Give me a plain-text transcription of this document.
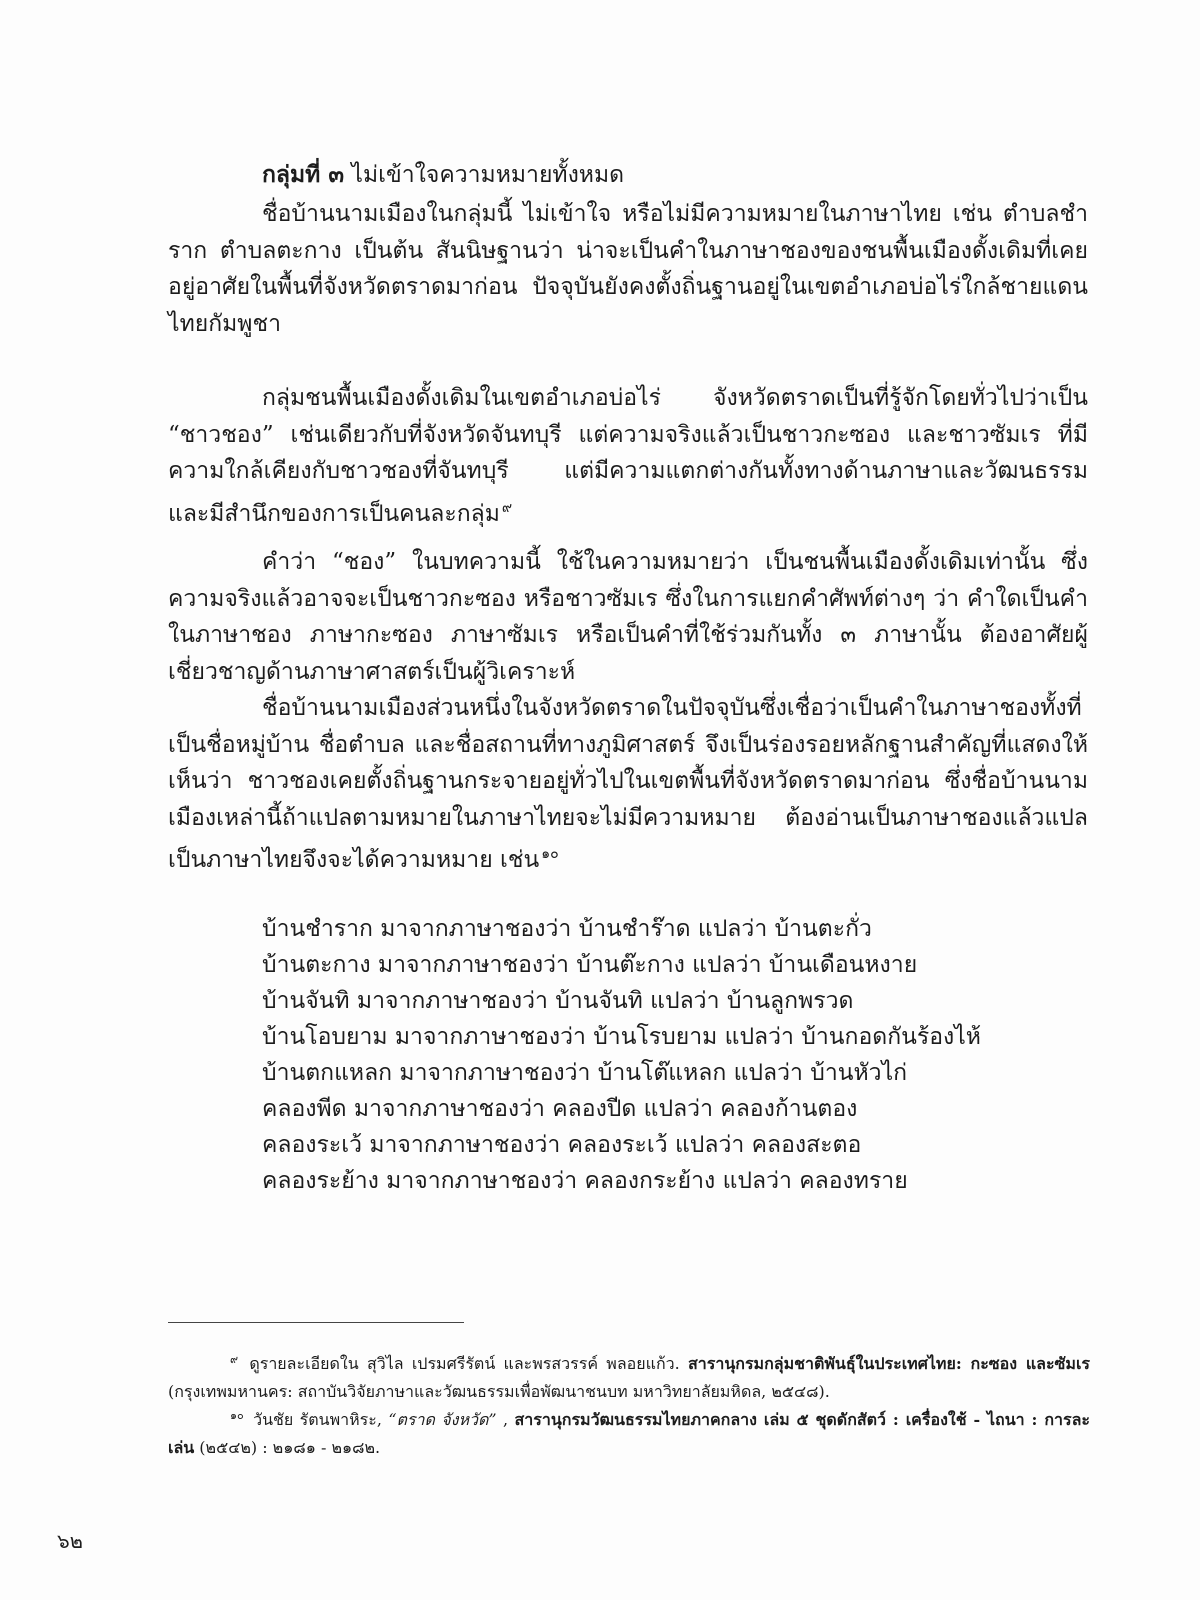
กลุ่มที่ ๓ ไม่เข้าใจความหมายทั้งหมด

ชื่อบ้านนามเมืองในกลุ่มนี้ ไม่เข้าใจ หรือไม่มีความหมายในภาษาไทย เช่น ตำบลชำราก ตำบลตะกาง เป็นต้น สันนิษฐานว่า น่าจะเป็นคำในภาษาชองของชนพื้นเมืองดั้งเดิมที่เคยอยู่อาศัยในพื้นที่จังหวัดตราดมาก่อน ปัจจุบันยังคงตั้งถิ่นฐานอยู่ในเขตอำเภอบ่อไร่ใกล้ชายแดนไทยกัมพูชา

กลุ่มชนพื้นเมืองดั้งเดิมในเขตอำเภอบ่อไร่ จังหวัดตราดเป็นที่รู้จักโดยทั่วไปว่าเป็น “ชาวชอง” เช่นเดียวกับที่จังหวัดจันทบุรี แต่ความจริงแล้วเป็นชาวกะซอง และชาวซัมเร ที่มีความใกล้เคียงกับชาวชองที่จันทบุรี แต่มีความแตกต่างกันทั้งทางด้านภาษาและวัฒนธรรม และมีสำนึกของการเป็นคนละกลุ่ม $^๙$

คำว่า “ชอง” ในบทความนี้ ใช้ในความหมายว่า เป็นชนพื้นเมืองดั้งเดิมเท่านั้น ซึ่งความจริงแล้วอาจจะเป็นชาวกะซอง หรือชาวซัมเร ซึ่งในการแยกคำศัพท์ต่างๆ ว่า คำใดเป็นคำในภาษาชอง ภาษากะซอง ภาษาซัมเร หรือเป็นคำที่ใช้ร่วมกันทั้ง ๓ ภาษานั้น ต้องอาศัยผู้เชี่ยวชาญด้านภาษาศาสตร์เป็นผู้วิเคราะห์

ชื่อบ้านนามเมืองส่วนหนึ่งในจังหวัดตราดในปัจจุบันซึ่งเชื่อว่าเป็นคำในภาษาชองทั้งที่เป็นชื่อหมู่บ้าน ชื่อตำบล และชื่อสถานที่ทางภูมิศาสตร์ จึงเป็นร่องรอยหลักฐานสำคัญที่แสดงให้เห็นว่า ชาวชองเคยตั้งถิ่นฐานกระจายอยู่ทั่วไปในเขตพื้นที่จังหวัดตราดมาก่อน ซึ่งชื่อบ้านนามเมืองเหล่านี้ถ้าแปลตามหมายในภาษาไทยจะไม่มีความหมาย ต้องอ่านเป็นภาษาชองแล้วแปลเป็นภาษาไทยจึงจะได้ความหมาย เช่น $^{๑๐}$

บ้านชำราก มาจากภาษาชองว่า บ้านชำร๊าด แปลว่า บ้านตะกั่ว
บ้านตะกาง มาจากภาษาชองว่า บ้านต๊ะกาง แปลว่า บ้านเดือนหงาย
บ้านจันทิ มาจากภาษาชองว่า บ้านจันทิ แปลว่า บ้านลูกพรวด
บ้านโอบยาม มาจากภาษาชองว่า บ้านโรบยาม แปลว่า บ้านกอดกันร้องไห้
บ้านตกแหลก มาจากภาษาชองว่า บ้านโต๊แหลก แปลว่า บ้านหัวไก่
คลองพีด มาจากภาษาชองว่า คลองปีด แปลว่า คลองก้านตอง
คลองระเว้ มาจากภาษาชองว่า คลองระเว้ แปลว่า คลองสะตอ
คลองระย้าง มาจากภาษาชองว่า คลองกระย้าง แปลว่า คลองทราย

$^๙$ ดูรายละเอียดใน สุวิไล เปรมศรีรัตน์ และพรสวรรค์ พลอยแก้ว. สารานุกรมกลุ่มชาติพันธุ์ในประเทศไทย: กะซอง และซัมเร (กรุงเทพมหานคร: สถาบันวิจัยภาษาและวัฒนธรรมเพื่อพัฒนาชนบท มหาวิทยาลัยมหิดล, ๒๕๔๘).

$^{๑๐}$ วันชัย รัตนพาหิระ, “ตราด จังหวัด” , สารานุกรมวัฒนธรรมไทยภาคกลาง เล่ม ๕ ชุดดักสัตว์ : เครื่องใช้ - ไถนา : การละเล่น (๒๕๔๒) : ๒๑๘๑ - ๒๑๘๒.

๖๒
